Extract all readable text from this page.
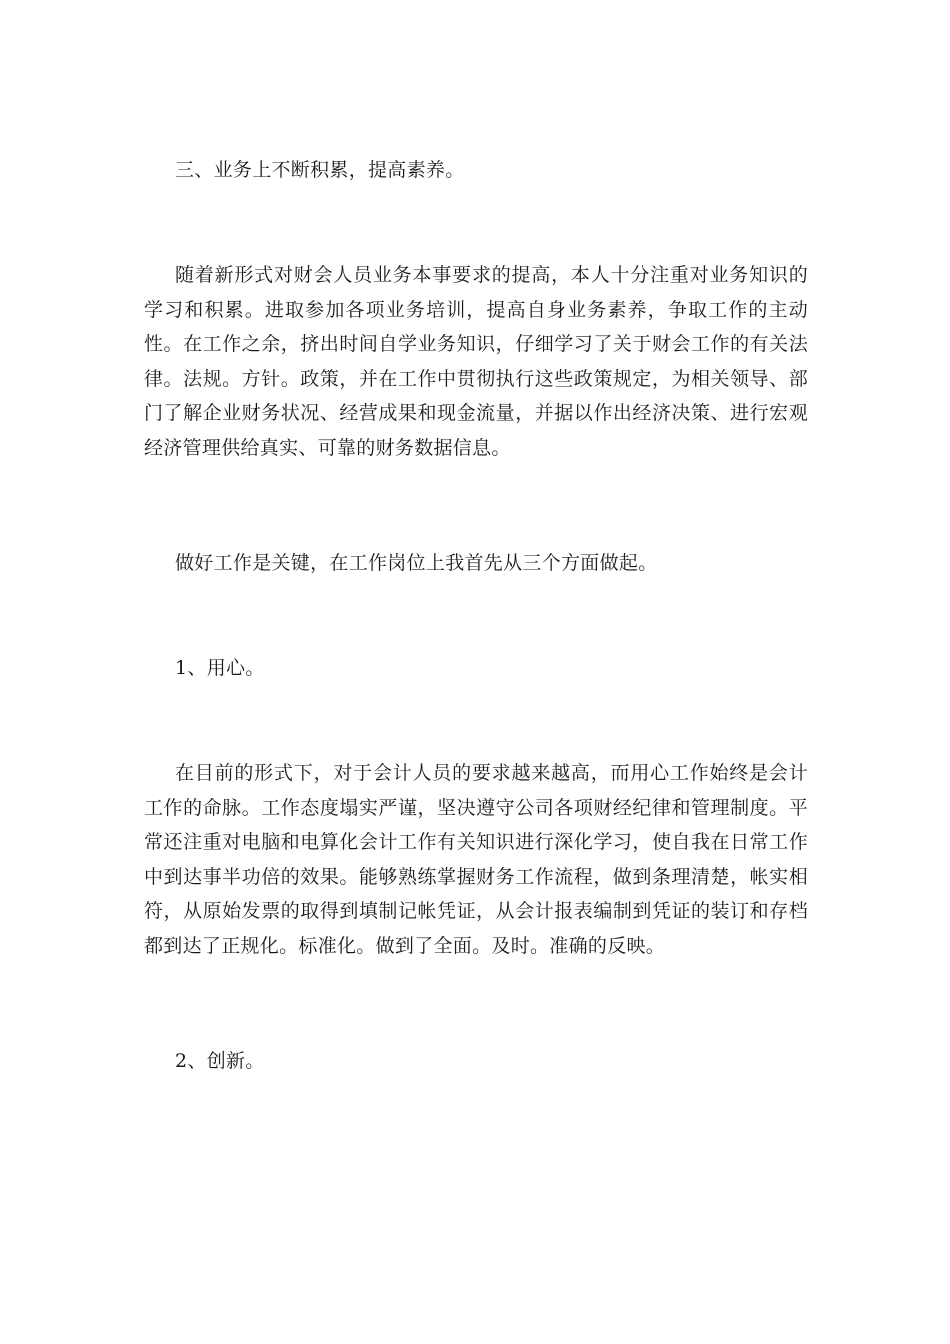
三、业务上不断积累，提高素养。

随着新形式对财会人员业务本事要求的提高，本人十分注重对业务知识的学习和积累。进取参加各项业务培训，提高自身业务素养，争取工作的主动性。在工作之余，挤出时间自学业务知识，仔细学习了关于财会工作的有关法律。法规。方针。政策，并在工作中贯彻执行这些政策规定，为相关领导、部门了解企业财务状况、经营成果和现金流量，并据以作出经济决策、进行宏观经济管理供给真实、可靠的财务数据信息。

做好工作是关键，在工作岗位上我首先从三个方面做起。

1、用心。

在目前的形式下，对于会计人员的要求越来越高，而用心工作始终是会计工作的命脉。工作态度塌实严谨，坚决遵守公司各项财经纪律和管理制度。平常还注重对电脑和电算化会计工作有关知识进行深化学习，使自我在日常工作中到达事半功倍的效果。能够熟练掌握财务工作流程，做到条理清楚，帐实相符，从原始发票的取得到填制记帐凭证，从会计报表编制到凭证的装订和存档都到达了正规化。标准化。做到了全面。及时。准确的反映。

2、创新。
